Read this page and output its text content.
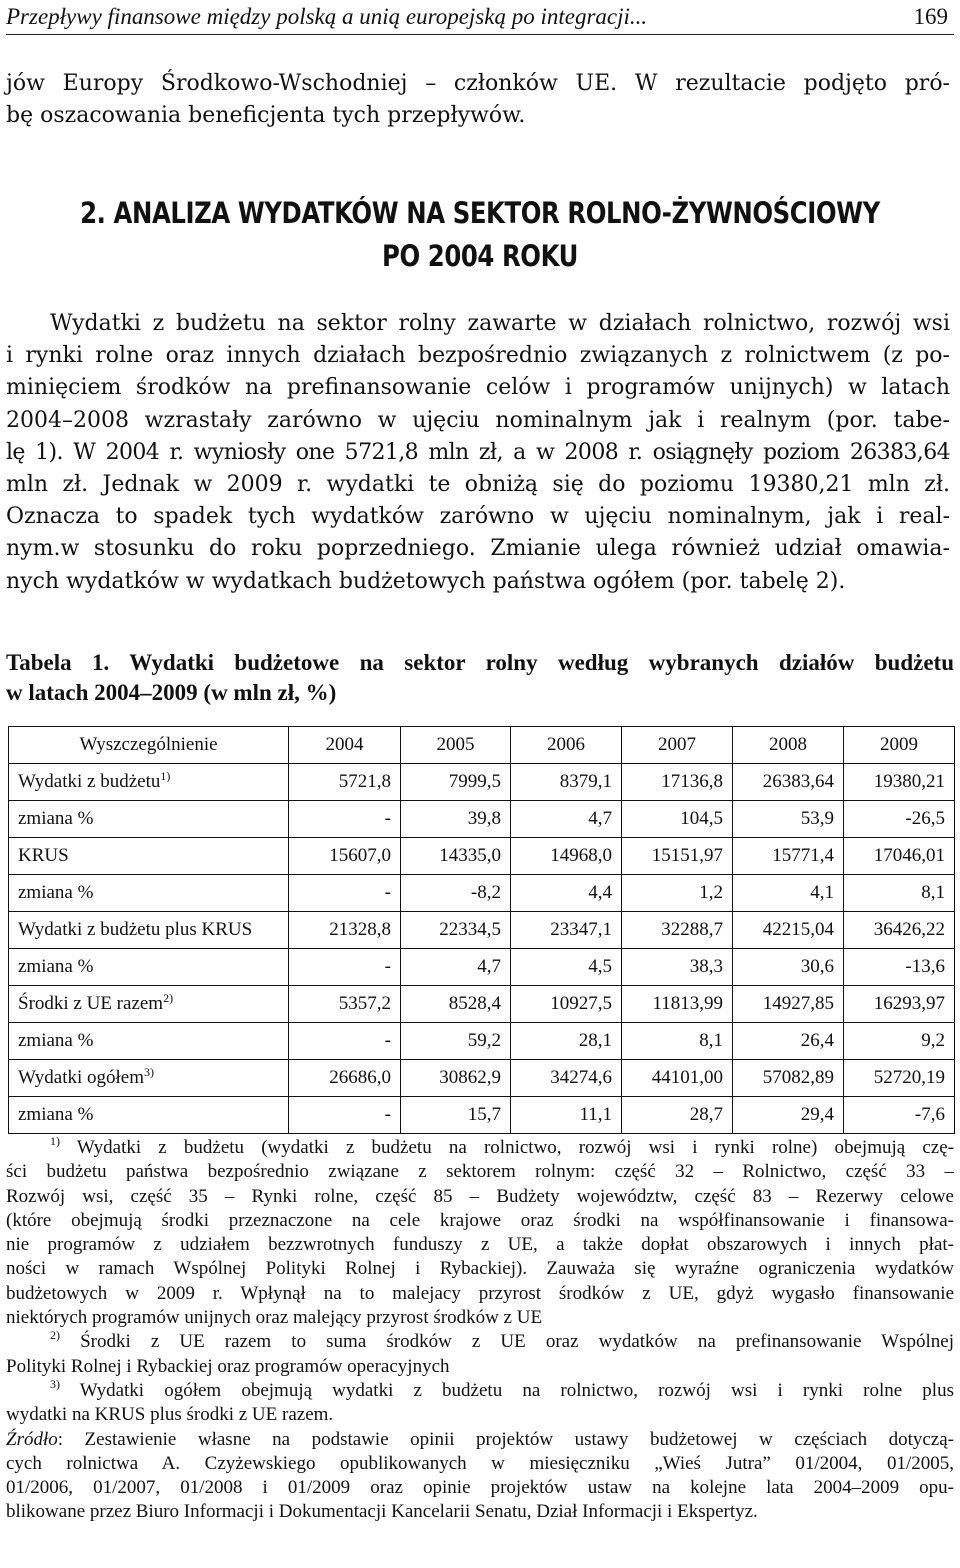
Przepływy finansowe między polską a unią europejską po integracji...	169
jów Europy Środkowo-Wschodniej – członków UE. W rezultacie podjęto pró-
bę oszacowania beneficjenta tych przepływów.
2. ANALIZA WYDATKÓW NA SEKTOR ROLNO-ŻYWNOŚCIOWY
PO 2004 ROKU
Wydatki z budżetu na sektor rolny zawarte w działach rolnictwo, rozwój wsi
i rynki rolne oraz innych działach bezpośrednio związanych z rolnictwem (z po-
minięciem środków na prefinansowanie celów i programów unijnych) w latach
2004–2008 wzrastały zarówno w ujęciu nominalnym jak i realnym (por. tabe-
lę 1). W 2004 r. wyniosły one 5721,8 mln zł, a w 2008 r. osiągnęły poziom 26383,64
mln zł. Jednak w 2009 r. wydatki te obniżą się do poziomu 19380,21 mln zł.
Oznacza to spadek tych wydatków zarówno w ujęciu nominalnym, jak i real-
nym.w stosunku do roku poprzedniego. Zmianie ulega również udział omawia-
nych wydatków w wydatkach budżetowych państwa ogółem (por. tabelę 2).
Tabela 1. Wydatki budżetowe na sektor rolny według wybranych działów budżetu
w latach 2004–2009 (w mln zł, %)
Wyszczególnienie	2004	2005	2006	2007	2008	2009
Wydatki z budżetu$^{1)}$	5721,8	7999,5	8379,1	17136,8	26383,64	19380,21
zmiana %	-	39,8	4,7	104,5	53,9	-26,5
KRUS	15607,0	14335,0	14968,0	15151,97	15771,4	17046,01
zmiana %	-	-8,2	4,4	1,2	4,1	8,1
Wydatki z budżetu plus KRUS	21328,8	22334,5	23347,1	32288,7	42215,04	36426,22
zmiana %	-	4,7	4,5	38,3	30,6	-13,6
Środki z UE razem$^{2)}$	5357,2	8528,4	10927,5	11813,99	14927,85	16293,97
zmiana %	-	59,2	28,1	8,1	26,4	9,2
Wydatki ogółem$^{3)}$	26686,0	30862,9	34274,6	44101,00	57082,89	52720,19
zmiana %	-	15,7	11,1	28,7	29,4	-7,6
$^{1)}$ Wydatki z budżetu (wydatki z budżetu na rolnictwo, rozwój wsi i rynki rolne) obejmują czę-
ści budżetu państwa bezpośrednio związane z sektorem rolnym: część 32 – Rolnictwo, część 33 –
Rozwój wsi, część 35 – Rynki rolne, część 85 – Budżety województw, część 83 – Rezerwy celowe
(które obejmują środki przeznaczone na cele krajowe oraz środki na współfinansowanie i finansowa-
nie programów z udziałem bezzwrotnych funduszy z UE, a także dopłat obszarowych i innych płat-
ności w ramach Wspólnej Polityki Rolnej i Rybackiej). Zauważa się wyraźne ograniczenia wydatków
budżetowych w 2009 r. Wpłynął na to malejacy przyrost środków z UE, gdyż wygasło finansowanie
niektórych programów unijnych oraz malejący przyrost środków z UE
$^{2)}$ Środki z UE razem to suma środków z UE oraz wydatków na prefinansowanie Wspólnej
Polityki Rolnej i Rybackiej oraz programów operacyjnych
$^{3)}$ Wydatki ogółem obejmują wydatki z budżetu na rolnictwo, rozwój wsi i rynki rolne plus
wydatki na KRUS plus środki z UE razem.
Źródło: Zestawienie własne na podstawie opinii projektów ustawy budżetowej w częściach dotyczą-
cych rolnictwa A. Czyżewskiego opublikowanych w miesięczniku „Wieś Jutra” 01/2004, 01/2005,
01/2006, 01/2007, 01/2008 i 01/2009 oraz opinie projektów ustaw na kolejne lata 2004–2009 opu-
blikowane przez Biuro Informacji i Dokumentacji Kancelarii Senatu, Dział Informacji i Ekspertyz.
